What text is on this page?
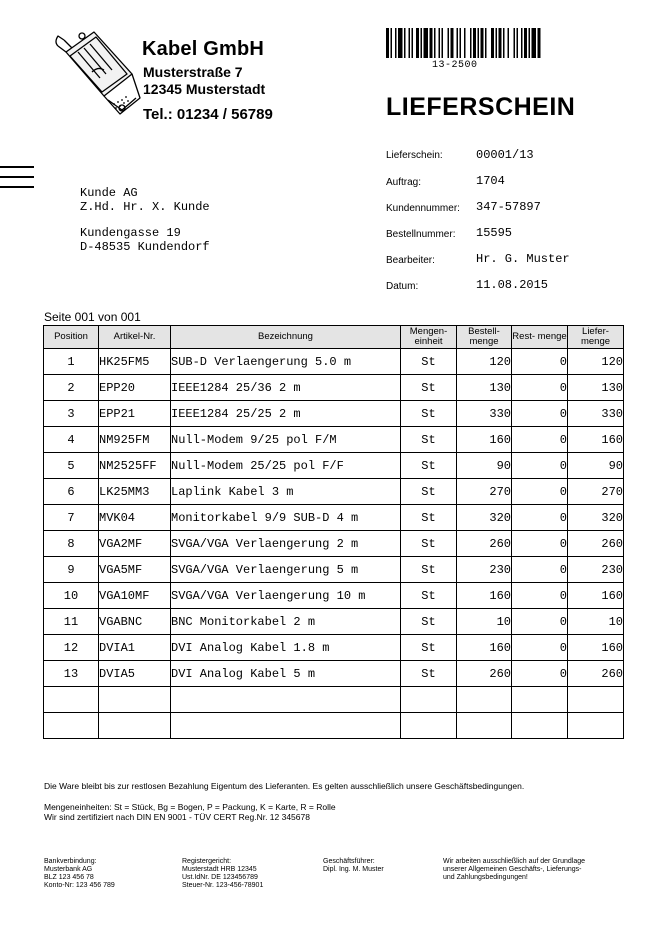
Kabel GmbH
Musterstraße 7
12345 Musterstadt
Tel.: 01234 / 56789
13-2500
LIEFERSCHEIN
Kunde AG
Z.Hd. Hr. X. Kunde
Kundengasse 19
D-48535 Kundendorf
Lieferschein:	00001/13
Auftrag:	1704
Kundennummer: 347-57897
Bestellnummer: 15595
Bearbeiter:	Hr. G. Muster
Datum:	11.08.2015
Seite 001 von 001
Position	Artikel-Nr.	Bezeichnung	Mengen- einheit	Bestell- menge	Rest- menge	Liefer- menge
1	HK25FM5	SUB-D Verlaengerung 5.0 m	St	120	0	120
2	EPP20	IEEE1284 25/36 2 m	St	130	0	130
3	EPP21	IEEE1284 25/25 2 m	St	330	0	330
4	NM925FM	Null-Modem 9/25 pol F/M	St	160	0	160
5	NM2525FF	Null-Modem 25/25 pol F/F	St	90	0	90
6	LK25MM3	Laplink Kabel 3 m	St	270	0	270
7	MVK04	Monitorkabel 9/9 SUB-D 4 m	St	320	0	320
8	VGA2MF	SVGA/VGA Verlaengerung 2 m	St	260	0	260
9	VGA5MF	SVGA/VGA Verlaengerung 5 m	St	230	0	230
10	VGA10MF	SVGA/VGA Verlaengerung 10 m	St	160	0	160
11	VGABNC	BNC Monitorkabel 2 m	St	10	0	10
12	DVIA1	DVI Analog Kabel 1.8 m	St	160	0	160
13	DVIA5	DVI Analog Kabel 5 m	St	260	0	260

Die Ware bleibt bis zur restlosen Bezahlung Eigentum des Lieferanten. Es gelten ausschließlich unsere Geschäftsbedingungen.
Mengeneinheiten: St = Stück, Bg = Bogen, P = Packung, K = Karte, R = Rolle
Wir sind zertifiziert nach DIN EN 9001 - TÜV CERT Reg.Nr. 12 345678
Bankverbindung:
Musterbank AG
BLZ 123 456 78
Konto-Nr: 123 456 789
Registergericht:
Musterstadt HRB 12345
Ust.IdNr. DE 123456789
Steuer-Nr. 123-456-78901
Geschäftsführer:
Dipl. Ing. M. Muster
Wir arbeiten ausschließlich auf der Grundlage
unserer Allgemeinen Geschäfts-, Lieferungs-
und Zahlungsbedingungen!
